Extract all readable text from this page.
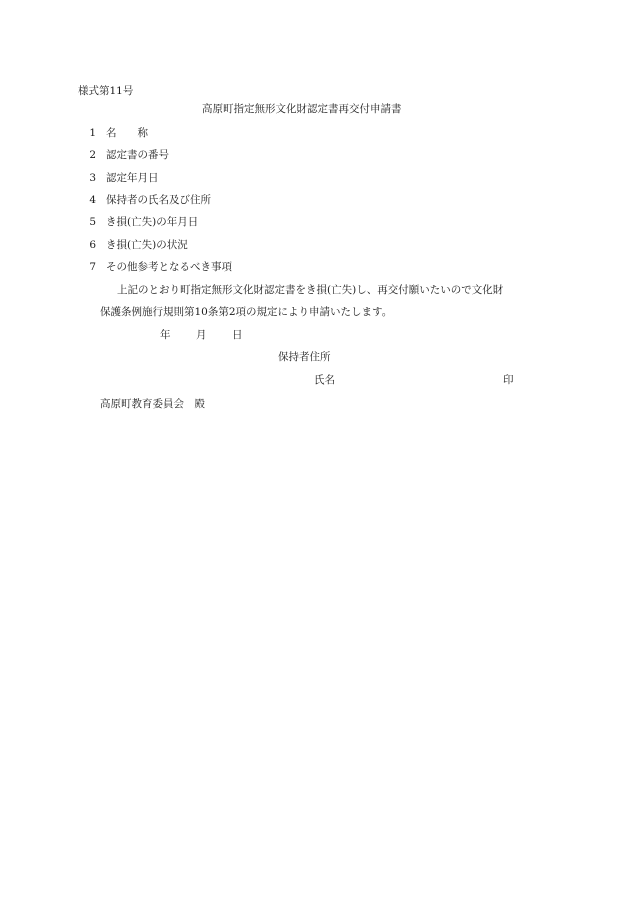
様式第11号
高原町指定無形文化財認定書再交付申請書
1 名　　称
2 認定書の番号
3 認定年月日
4 保持者の氏名及び住所
5 き損(亡失)の年月日
6 き損(亡失)の状況
7 その他参考となるべき事項
上記のとおり町指定無形文化財認定書をき損(亡失)し、再交付願いたいので文化財
保護条例施行規則第10条第2項の規定により申請いたします。
年 月 日
保持者住所
氏名	印
高原町教育委員会　殿
